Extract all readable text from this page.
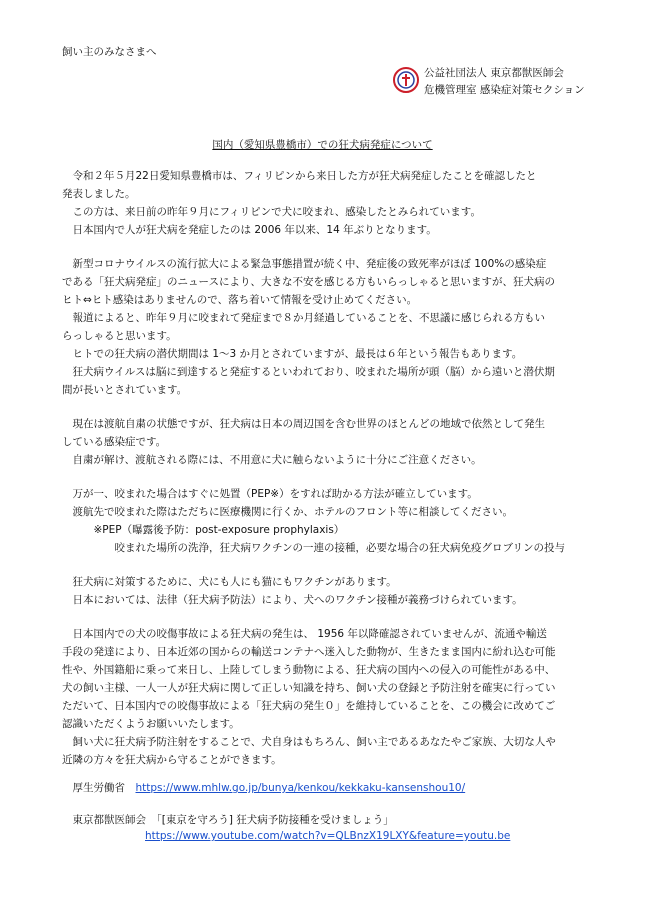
飼い主のみなさまへ
公益社団法人 東京都獣医師会
危機管理室 感染症対策セクション
国内（愛知県豊橋市）での狂犬病発症について
　令和２年５月22日愛知県豊橋市は、フィリピンから来日した方が狂犬病発症したことを確認したと
発表しました。
　この方は、来日前の昨年９月にフィリピンで犬に咬まれ、感染したとみられています。
　日本国内で人が狂犬病を発症したのは 2006 年以来、14 年ぶりとなります。
　新型コロナウイルスの流行拡大による緊急事態措置が続く中、発症後の致死率がほぼ 100%の感染症
である「狂犬病発症」のニュースにより、大きな不安を感じる方もいらっしゃると思いますが、狂犬病の
ヒト⇔ヒト感染はありませんので、落ち着いて情報を受け止めてください。
　報道によると、昨年９月に咬まれて発症まで８か月経過していることを、不思議に感じられる方もい
らっしゃると思います。
　ヒトでの狂犬病の潜伏期間は 1～3 か月とされていますが、最長は６年という報告もあります。
　狂犬病ウイルスは脳に到達すると発症するといわれており、咬まれた場所が頭（脳）から遠いと潜伏期
間が長いとされています。
　現在は渡航自粛の状態ですが、狂犬病は日本の周辺国を含む世界のほとんどの地域で依然として発生
している感染症です。
　自粛が解け、渡航される際には、不用意に犬に触らないように十分にご注意ください。
　万が一、咬まれた場合はすぐに処置（PEP※）をすれば助かる方法が確立しています。
　渡航先で咬まれた際はただちに医療機関に行くか、ホテルのフロント等に相談してください。
　　　※PEP（曝露後予防：post-exposure prophylaxis）
　　　　　咬まれた場所の洗浄，狂犬病ワクチンの一連の接種，必要な場合の狂犬病免疫グロブリンの投与
　狂犬病に対策するために、犬にも人にも猫にもワクチンがあります。
　日本においては、法律（狂犬病予防法）により、犬へのワクチン接種が義務づけられています。
　日本国内での犬の咬傷事故による狂犬病の発生は、 1956 年以降確認されていませんが、流通や輸送
手段の発達により、日本近郊の国からの輸送コンテナへ迷入した動物が、生きたまま国内に紛れ込む可能
性や、外国籍船に乗って来日し、上陸してしまう動物による、狂犬病の国内への侵入の可能性がある中、
犬の飼い主様、一人一人が狂犬病に関して正しい知識を持ち、飼い犬の登録と予防注射を確実に行ってい
ただいて、日本国内での咬傷事故による「狂犬病の発生０」を維持していることを、この機会に改めてご
認識いただくようお願いいたします。
　飼い犬に狂犬病予防注射をすることで、犬自身はもちろん、飼い主であるあなたやご家族、大切な人や
近隣の方々を狂犬病から守ることができます。
　厚生労働省　https://www.mhlw.go.jp/bunya/kenkou/kekkaku-kansenshou10/
　東京都獣医師会　「[東京を守ろう] 狂犬病予防接種を受けましょう」
https://www.youtube.com/watch?v=QLBnzX19LXY&feature=youtu.be
